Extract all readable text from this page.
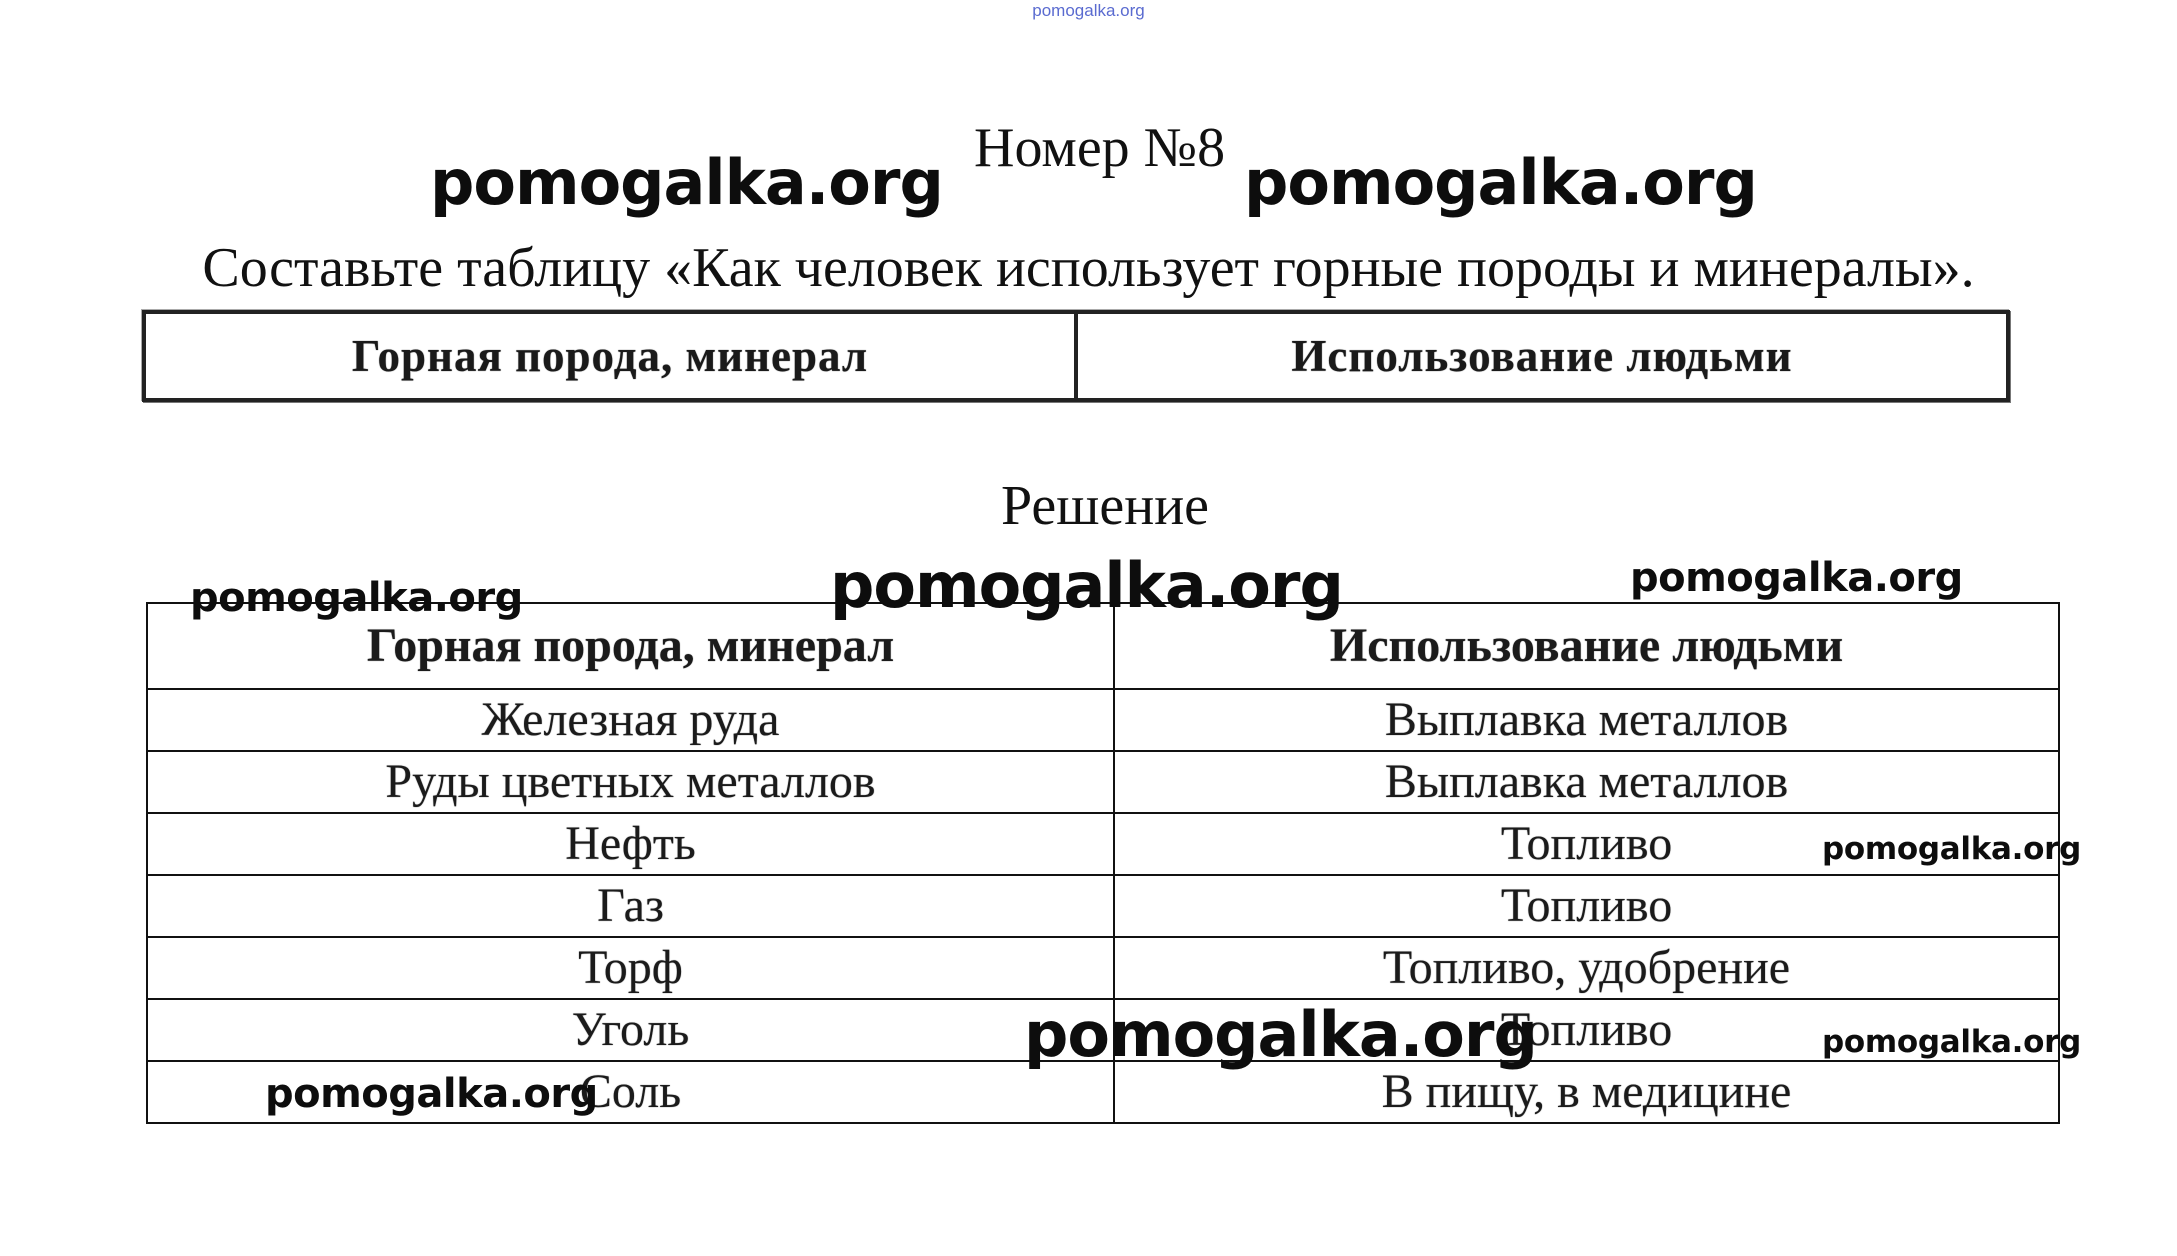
pomogalka.org
Номер №8
pomogalka.org	pomogalka.org
Составьте таблицу «Как человек использует горные породы и минералы».
Горная порода, минерал	Использование людьми
Решение
pomogalka.org	pomogalka.org	pomogalka.org
Горная порода, минерал	Использование людьми
Железная руда	Выплавка металлов
Руды цветных металлов	Выплавка металлов
Нефть	Топливо
Газ	Топливо
Торф	Топливо, удобрение
Уголь	Топливо
Соль	В пищу, в медицине
pomogalka.org
pomogalka.org	pomogalka.org
pomogalka.org
